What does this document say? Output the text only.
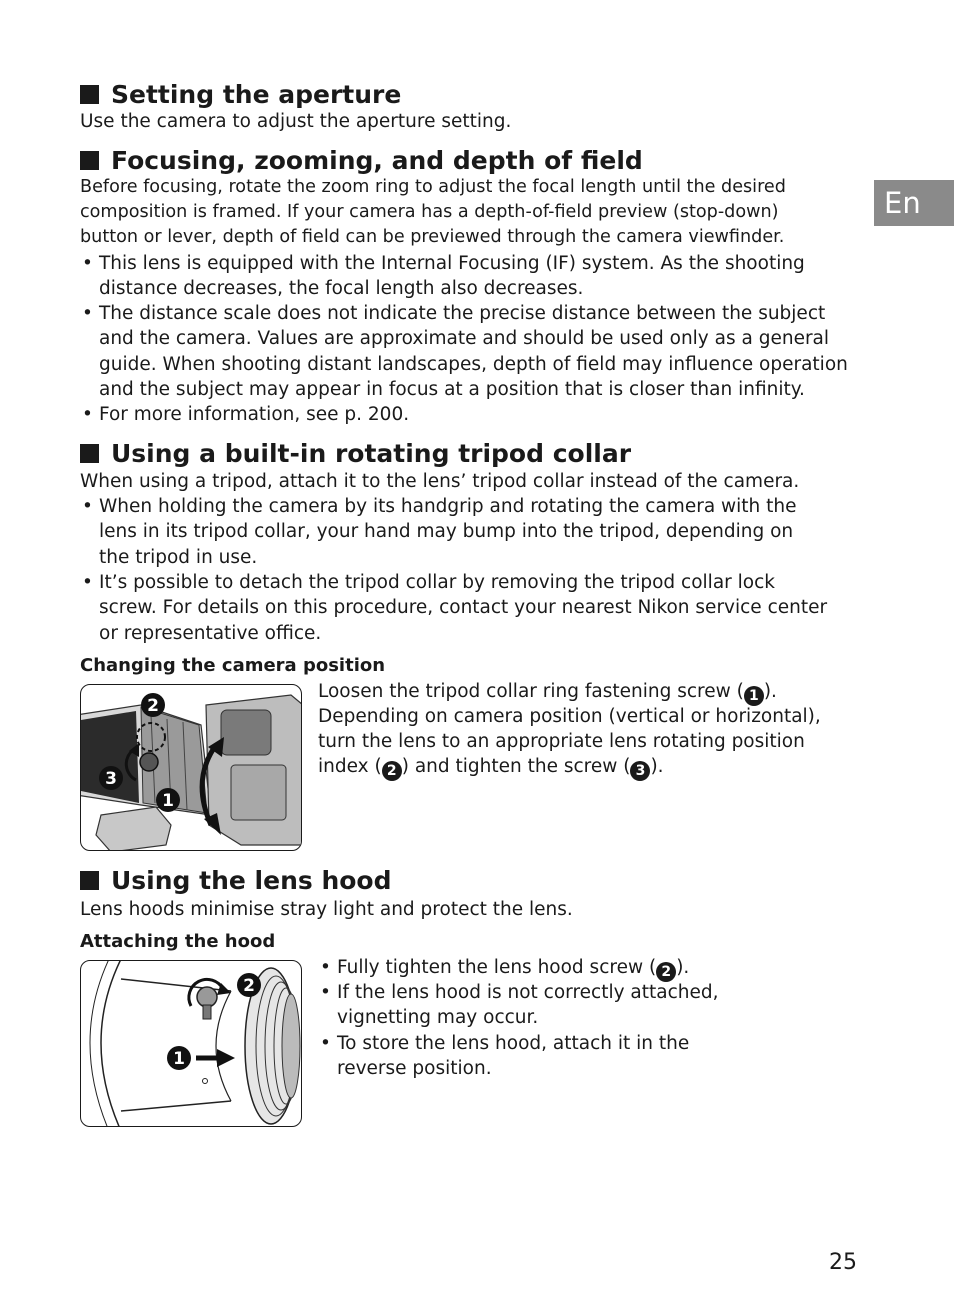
En
Setting the aperture
Use the camera to adjust the aperture setting.
Focusing, zooming, and depth of field
Before focusing, rotate the zoom ring to adjust the focal length until the desired
composition is framed. If your camera has a depth-of-field preview (stop-down)
button or lever, depth of field can be previewed through the camera viewfinder.
• This lens is equipped with the Internal Focusing (IF) system. As the shooting
distance decreases, the focal length also decreases.
• The distance scale does not indicate the precise distance between the subject
and the camera. Values are approximate and should be used only as a general
guide. When shooting distant landscapes, depth of field may influence operation
and the subject may appear in focus at a position that is closer than infinity.
• For more information, see p. 200.
Using a built-in rotating tripod collar
When using a tripod, attach it to the lens’ tripod collar instead of the camera.
• When holding the camera by its handgrip and rotating the camera with the
lens in its tripod collar, your hand may bump into the tripod, depending on
the tripod in use.
• It’s possible to detach the tripod collar by removing the tripod collar lock
screw. For details on this procedure, contact your nearest Nikon service center
or representative office.
Changing the camera position
Loosen the tripod collar ring fastening screw ( 1 ).
Depending on camera position (vertical or horizontal),
turn the lens to an appropriate lens rotating position
index ( 2 ) and tighten the screw ( 3 ).
Using the lens hood
Lens hoods minimise stray light and protect the lens.
Attaching the hood
• Fully tighten the lens hood screw ( 2 ).
• If the lens hood is not correctly attached,
vignetting may occur.
• To store the lens hood, attach it in the
reverse position.
2
3
1
2
1
25
